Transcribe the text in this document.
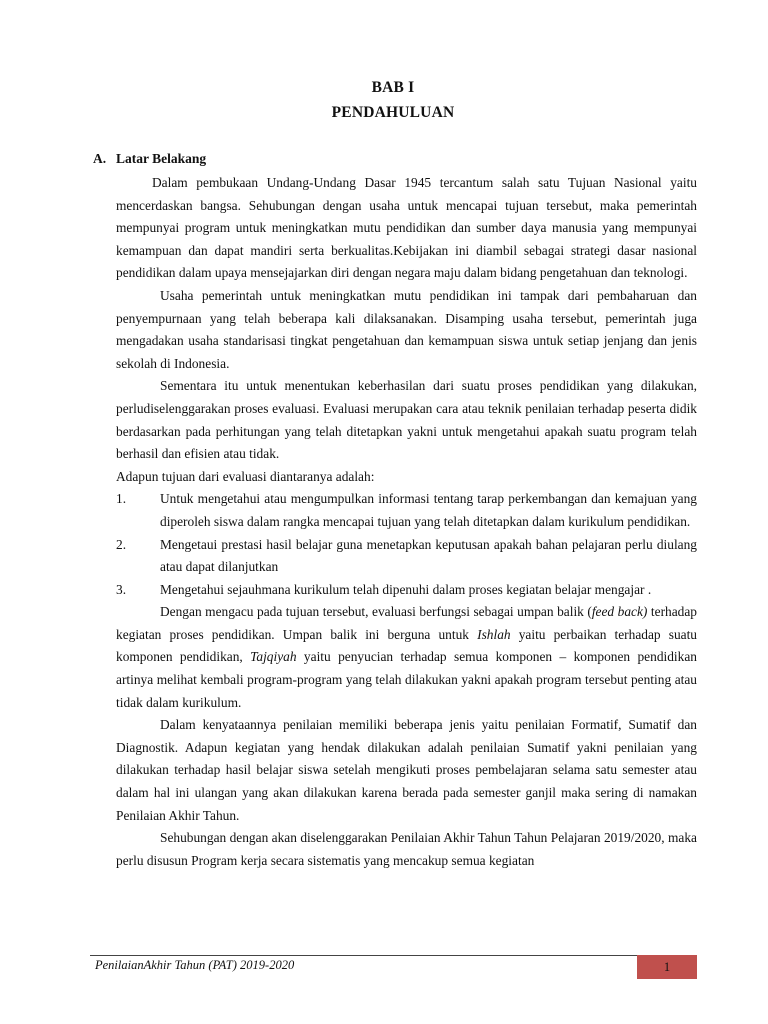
BAB I
PENDAHULUAN
A. Latar Belakang

Dalam pembukaan Undang-Undang Dasar 1945 tercantum salah satu Tujuan Nasional yaitu mencerdaskan bangsa. Sehubungan dengan usaha untuk mencapai tujuan tersebut, maka pemerintah mempunyai program untuk meningkatkan mutu pendidikan dan sumber daya manusia yang mempunyai kemampuan dan dapat mandiri serta berkualitas.Kebijakan ini diambil sebagai strategi dasar nasional pendidikan dalam upaya mensejajarkan diri dengan negara maju dalam bidang pengetahuan dan teknologi.

Usaha pemerintah untuk meningkatkan mutu pendidikan ini tampak dari pembaharuan dan penyempurnaan yang telah beberapa kali dilaksanakan. Disamping usaha tersebut, pemerintah juga mengadakan usaha standarisasi tingkat pengetahuan dan kemampuan siswa untuk setiap jenjang dan jenis sekolah di Indonesia.

Sementara itu untuk menentukan keberhasilan dari suatu proses pendidikan yang dilakukan, perludiselenggarakan proses evaluasi. Evaluasi merupakan cara atau teknik penilaian terhadap peserta didik berdasarkan pada perhitungan yang telah ditetapkan yakni untuk mengetahui apakah suatu program telah berhasil dan efisien atau tidak.

Adapun tujuan dari evaluasi diantaranya adalah:

1.	Untuk mengetahui atau mengumpulkan informasi tentang tarap perkembangan dan kemajuan yang diperoleh siswa dalam rangka mencapai tujuan yang telah ditetapkan dalam kurikulum pendidikan.
2.	Mengetaui prestasi hasil belajar guna menetapkan keputusan apakah bahan pelajaran perlu diulang atau dapat dilanjutkan
3.	Mengetahui sejauhmana kurikulum telah dipenuhi dalam proses kegiatan belajar mengajar .

Dengan mengacu pada tujuan tersebut, evaluasi berfungsi sebagai umpan balik (feed back) terhadap kegiatan proses pendidikan. Umpan balik ini berguna untuk Ishlah yaitu perbaikan terhadap suatu komponen pendidikan, Tajqiyah yaitu penyucian terhadap semua komponen – komponen pendidikan artinya melihat kembali program-program yang telah dilakukan yakni apakah program tersebut penting atau tidak dalam kurikulum.

Dalam kenyataannya penilaian memiliki beberapa jenis yaitu penilaian Formatif, Sumatif dan Diagnostik. Adapun kegiatan yang hendak dilakukan adalah penilaian Sumatif yakni penilaian yang dilakukan terhadap hasil belajar siswa setelah mengikuti proses pembelajaran selama satu semester atau dalam hal ini ulangan yang akan dilakukan karena berada pada semester ganjil maka sering di namakan Penilaian Akhir Tahun.

Sehubungan dengan akan diselenggarakan Penilaian Akhir Tahun Tahun Pelajaran 2019/2020, maka perlu disusun Program kerja secara sistematis yang mencakup semua kegiatan

PenilaianAkhir Tahun (PAT) 2019-2020	1
